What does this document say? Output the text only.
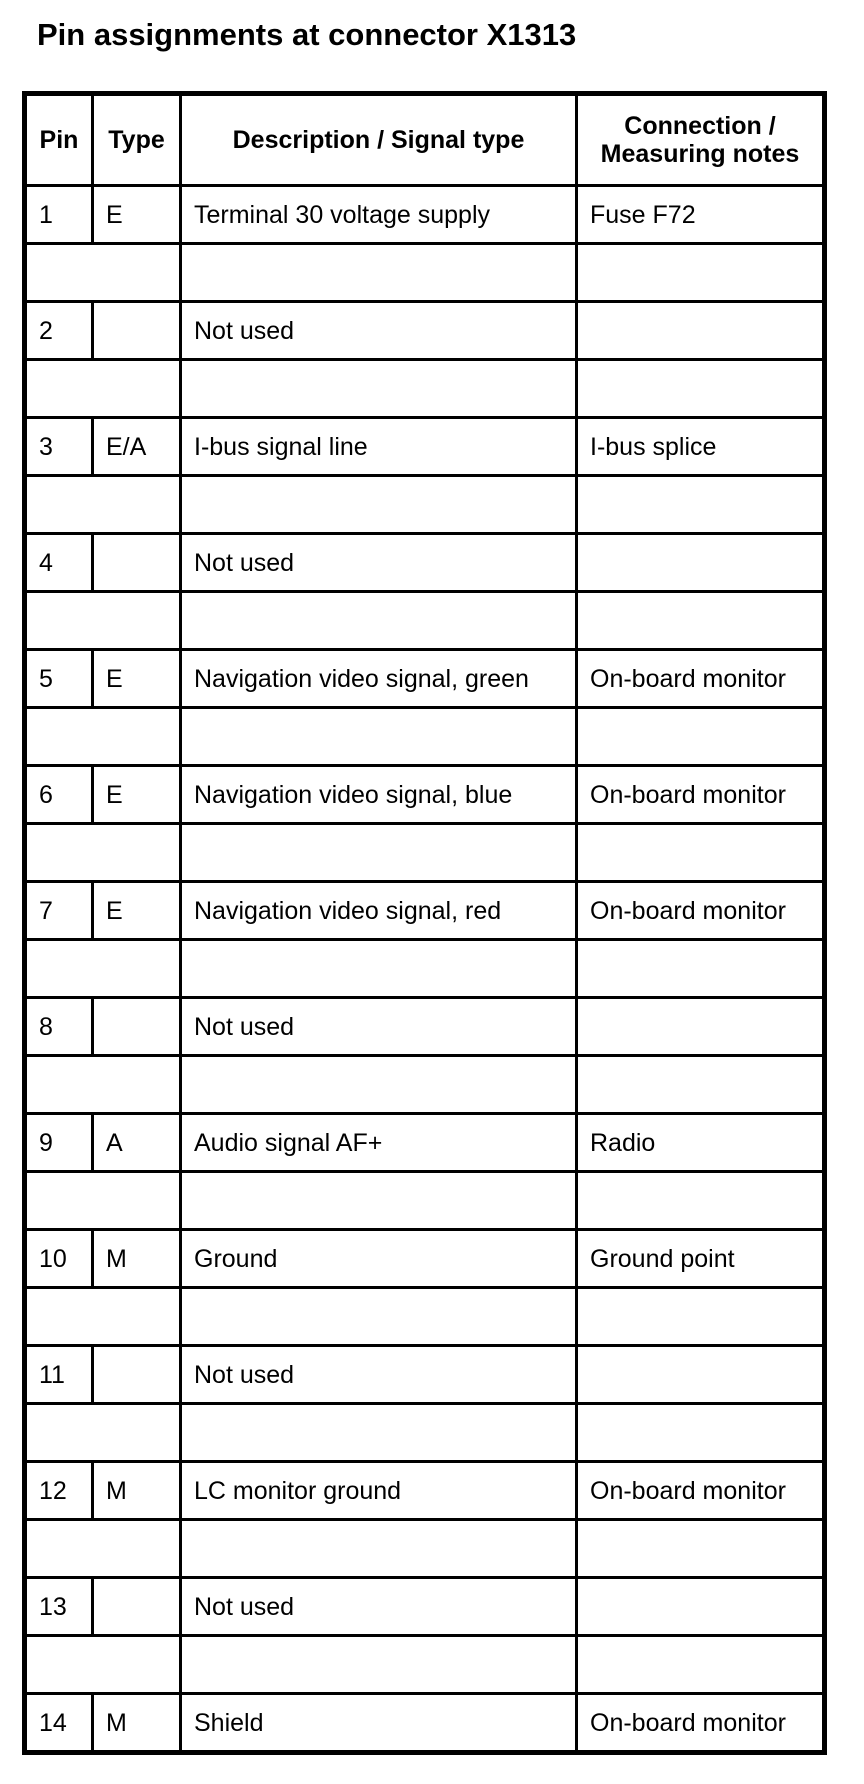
Pin assignments at connector X1313
Pin	Type	Description / Signal type	Connection / Measuring notes
1	E	Terminal 30 voltage supply	Fuse F72

2		Not used	

3	E/A	I-bus signal line	I-bus splice

4		Not used	

5	E	Navigation video signal, green	On-board monitor

6	E	Navigation video signal, blue	On-board monitor

7	E	Navigation video signal, red	On-board monitor

8		Not used	

9	A	Audio signal AF+	Radio

10	M	Ground	Ground point

11		Not used	

12	M	LC monitor ground	On-board monitor

13		Not used	

14	M	Shield	On-board monitor
